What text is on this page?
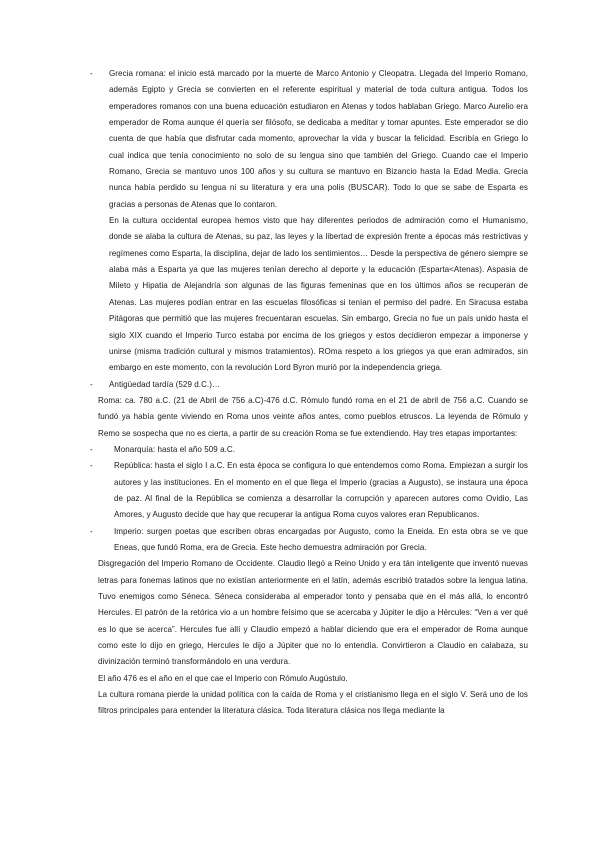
- Grecia romana: el inicio está marcado por la muerte de Marco Antonio y Cleopatra. Llegada del Imperio Romano, además Egipto y Grecia se convierten en el referente espiritual y material de toda cultura antigua. Todos los emperadores romanos con una buena educación estudiaron en Atenas y todos hablaban Griego. Marco Aurelio era emperador de Roma aunque él quería ser filósofo, se dedicaba a meditar y tomar apuntes. Este emperador se dio cuenta de que había que disfrutar cada momento, aprovechar la vida y buscar la felicidad. Escribía en Griego lo cual indica que tenía conocimiento no solo de su lengua sino que también del Griego. Cuando cae el Imperio Romano, Grecia se mantuvo unos 100 años y su cultura se mantuvo en Bizancio hasta la Edad Media. Grecia nunca había perdido su lengua ni su literatura y era una polis (BUSCAR). Todo lo que se sabe de Esparta es gracias a personas de Atenas que lo contaron.

En la cultura occidental europea hemos visto que hay diferentes periodos de admiración como el Humanismo, donde se alaba la cultura de Atenas, su paz, las leyes y la libertad de expresión frente a épocas más restrictivas y regímenes como Esparta, la disciplina, dejar de lado los sentimientos… Desde la perspectiva de género siempre se alaba más a Esparta ya que las mujeres tenían derecho al deporte y la educación (Esparta<Atenas). Aspasia de Mileto y Hipatia de Alejandría son algunas de las figuras femeninas que en los últimos años se recuperan de Atenas. Las mujeres podían entrar en las escuelas filosóficas si tenían el permiso del padre. En Siracusa estaba Pitágoras que permitió que las mujeres frecuentaran escuelas. Sin embargo, Grecia no fue un país unido hasta el siglo XIX cuando el Imperio Turco estaba por encima de los griegos y estos decidieron empezar a imponerse y unirse (misma tradición cultural y mismos tratamientos). ROma respeto a los griegos ya que eran admirados, sin embargo en este momento, con la revolución Lord Byron murió por la independencia griega.

- Antigüedad tardía (529 d.C.)…

Roma: ca. 780 a.C. (21 de Abril de 756 a.C)-476 d.C. Rómulo fundó roma en el 21 de abril de 756 a.C. Cuando se fundó ya había gente viviendo en Roma unos veinte años antes, como pueblos etruscos. La leyenda de Rómulo y Remo se sospecha que no es cierta, a partir de su creación Roma se fue extendiendo. Hay tres etapas importantes:

-	Monarquía: hasta el año 509 a.C.

-	República: hasta el siglo I a.C. En esta época se configura lo que entendemos como Roma. Empiezan a surgir los autores y las instituciones. En el momento en el que llega el Imperio (gracias a Augusto), se instaura una época de paz. Al final de la República se comienza a desarrollar la corrupción y aparecen autores como Ovidio, Las Amores, y Augusto decide que hay que recuperar la antigua Roma cuyos valores eran Republicanos.

-	Imperio: surgen poetas que escriben obras encargadas por Augusto, como la Eneida. En esta obra se ve que Eneas, que fundó Roma, era de Grecia. Este hecho demuestra admiración por Grecia.

Disgregación del Imperio Romano de Occidente. Claudio llegó a Reino Unido y era tán inteligente que inventó nuevas letras para fonemas latinos que no existían anteriormente en el latín, además escribió tratados sobre la lengua latina. Tuvo enemigos como Séneca. Séneca consideraba al emperador tonto y pensaba que en el más allá, lo encontró Hercules. El patrón de la retórica vio a un hombre feísimo que se acercaba y Júpiter le dijo a Hércules: “Ven a ver qué es lo que se acerca”. Hercules fue allí y Claudio empezó a hablar diciendo que era el emperador de Roma aunque como este lo dijo en griego, Hercules le dijo a Júpiter que no lo entendía. Convirtieron a Claudio en calabaza, su divinización terminó transformándolo en una verdura.

El año 476 es el año en el que cae el Imperio con Rómulo Augústulo.

La cultura romana pierde la unidad política con la caída de Roma y el cristianismo llega en el siglo V. Será uno de los filtros principales para entender la literatura clásica. Toda literatura clásica nos llega mediante la
